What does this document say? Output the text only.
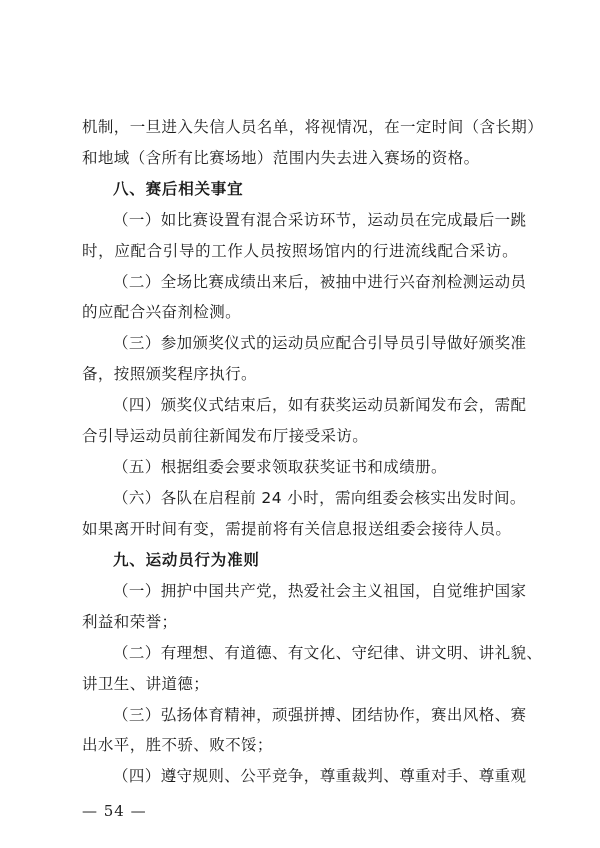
机制，一旦进入失信人员名单，将视情况，在一定时间（含长期）
和地域（含所有比赛场地）范围内失去进入赛场的资格。
八、赛后相关事宜
（一）如比赛设置有混合采访环节，运动员在完成最后一跳
时，应配合引导的工作人员按照场馆内的行进流线配合采访。
（二）全场比赛成绩出来后，被抽中进行兴奋剂检测运动员
的应配合兴奋剂检测。
（三）参加颁奖仪式的运动员应配合引导员引导做好颁奖准
备，按照颁奖程序执行。
（四）颁奖仪式结束后，如有获奖运动员新闻发布会，需配
合引导运动员前往新闻发布厅接受采访。
（五）根据组委会要求领取获奖证书和成绩册。
（六）各队在启程前 24 小时，需向组委会核实出发时间。
如果离开时间有变，需提前将有关信息报送组委会接待人员。
九、运动员行为准则
（一）拥护中国共产党，热爱社会主义祖国，自觉维护国家
利益和荣誉；
（二）有理想、有道德、有文化、守纪律、讲文明、讲礼貌、
讲卫生、讲道德；
（三）弘扬体育精神，顽强拼搏、团结协作，赛出风格、赛
出水平，胜不骄、败不馁；
（四）遵守规则、公平竞争，尊重裁判、尊重对手、尊重观
— 54 —
